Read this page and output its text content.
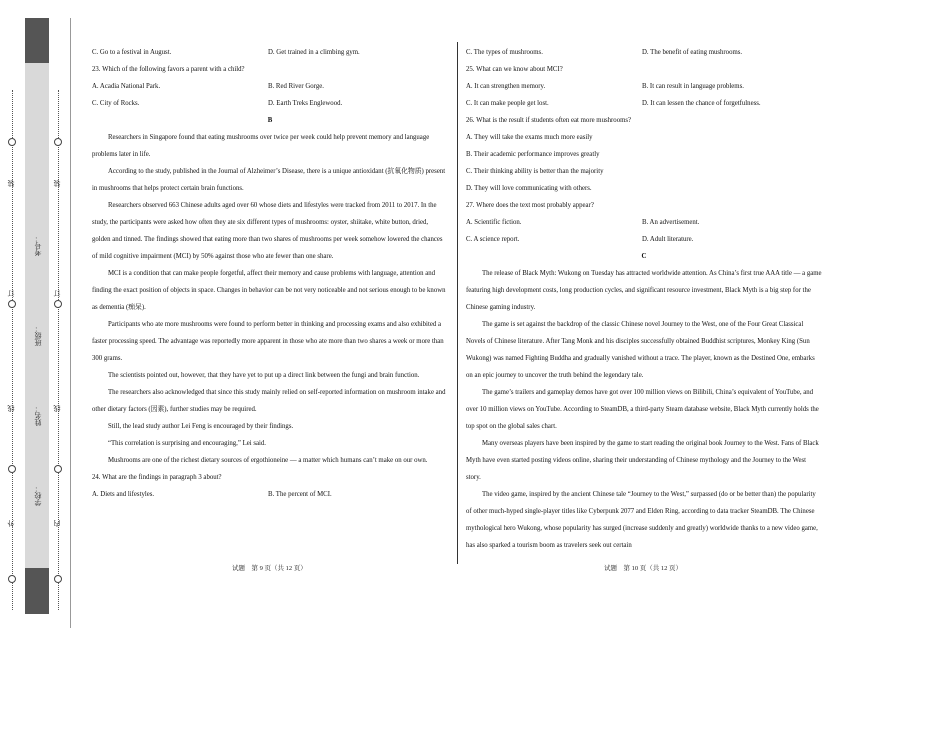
装
订
线
外
学校：
姓名：
班级：
考号：
装
订
线
内
C. Go to a festival in August.	D. Get trained in a climbing gym.

23. Which of the following favors a parent with a child?

A. Acadia National Park.	B. Red River Gorge.
C. City of Rocks.	D. Earth Treks Englewood.

B

Researchers in Singapore found that eating mushrooms over twice per week could help prevent memory and language problems later in life.

According to the study, published in the Journal of Alzheimer’s Disease, there is a unique antioxidant (抗氧化物质) present in mushrooms that helps protect certain brain functions.

Researchers observed 663 Chinese adults aged over 60 whose diets and lifestyles were tracked from 2011 to 2017. In the study, the participants were asked how often they ate six different types of mushrooms: oyster, shiitake, white button, dried, golden and tinned. The findings showed that eating more than two shares of mushrooms per week somehow lowered the chances of mild cognitive impairment (MCI) by 50% against those who ate fewer than one share.

MCI is a condition that can make people forgetful, affect their memory and cause problems with language, attention and finding the exact position of objects in space. Changes in behavior can be not very noticeable and not serious enough to be known as dementia (痴呆).

Participants who ate more mushrooms were found to perform better in thinking and processing exams and also exhibited a faster processing speed. The advantage was reportedly more apparent in those who ate more than two shares a week or more than 300 grams.

The scientists pointed out, however, that they have yet to put up a direct link between the fungi and brain function.

The researchers also acknowledged that since this study mainly relied on self-reported information on mushroom intake and other dietary factors (因素), further studies may be required.

Still, the lead study author Lei Feng is encouraged by their findings.

“This correlation is surprising and encouraging,” Lei said.

Mushrooms are one of the richest dietary sources of ergothioneine — a matter which humans can’t make on our own.

24. What are the findings in paragraph 3 about?

A. Diets and lifestyles.	B. The percent of MCI.
C. The types of mushrooms.	D. The benefit of eating mushrooms.

25. What can we know about MCI?

A. It can strengthen memory.	B. It can result in language problems.
C. It can make people get lost.	D. It can lessen the chance of forgetfulness.

26. What is the result if students often eat more mushrooms?

A. They will take the exams much more easily

B. Their academic performance improves greatly

C. Their thinking ability is better than the majority

D. They will love communicating with others.

27. Where does the text most probably appear?

A. Scientific fiction.	B. An advertisement.
C. A science report.	D. Adult literature.

C

The release of Black Myth: Wukong on Tuesday has attracted worldwide attention. As China’s first true AAA title — a game featuring high development costs, long production cycles, and significant resource investment, Black Myth is a big step for the Chinese gaming industry.

The game is set against the backdrop of the classic Chinese novel Journey to the West, one of the Four Great Classical Novels of Chinese literature. After Tang Monk and his disciples successfully obtained Buddhist scriptures, Monkey King (Sun Wukong) was named Fighting Buddha and gradually vanished without a trace. The player, known as the Destined One, embarks on an epic journey to uncover the truth behind the legendary tale.

The game’s trailers and gameplay demos have got over 100 million views on Bilibili, China’s equivalent of YouTube, and over 10 million views on YouTube. According to SteamDB, a third-party Steam database website, Black Myth currently holds the top spot on the global sales chart.

Many overseas players have been inspired by the game to start reading the original book Journey to the West. Fans of Black Myth have even started posting videos online, sharing their understanding of Chinese mythology and the Journey to the West story.

The video game, inspired by the ancient Chinese tale “Journey to the West,” surpassed (do or be better than) the popularity of other much-hyped single-player titles like Cyberpunk 2077 and Elden Ring, according to data tracker SteamDB. The Chinese mythological hero Wukong, whose popularity has surged (increase suddenly and greatly) worldwide thanks to a new video game, has also sparked a tourism boom as travelers seek out certain

试题　第 9 页（共 12 页）	试题　第 10 页（共 12 页）
